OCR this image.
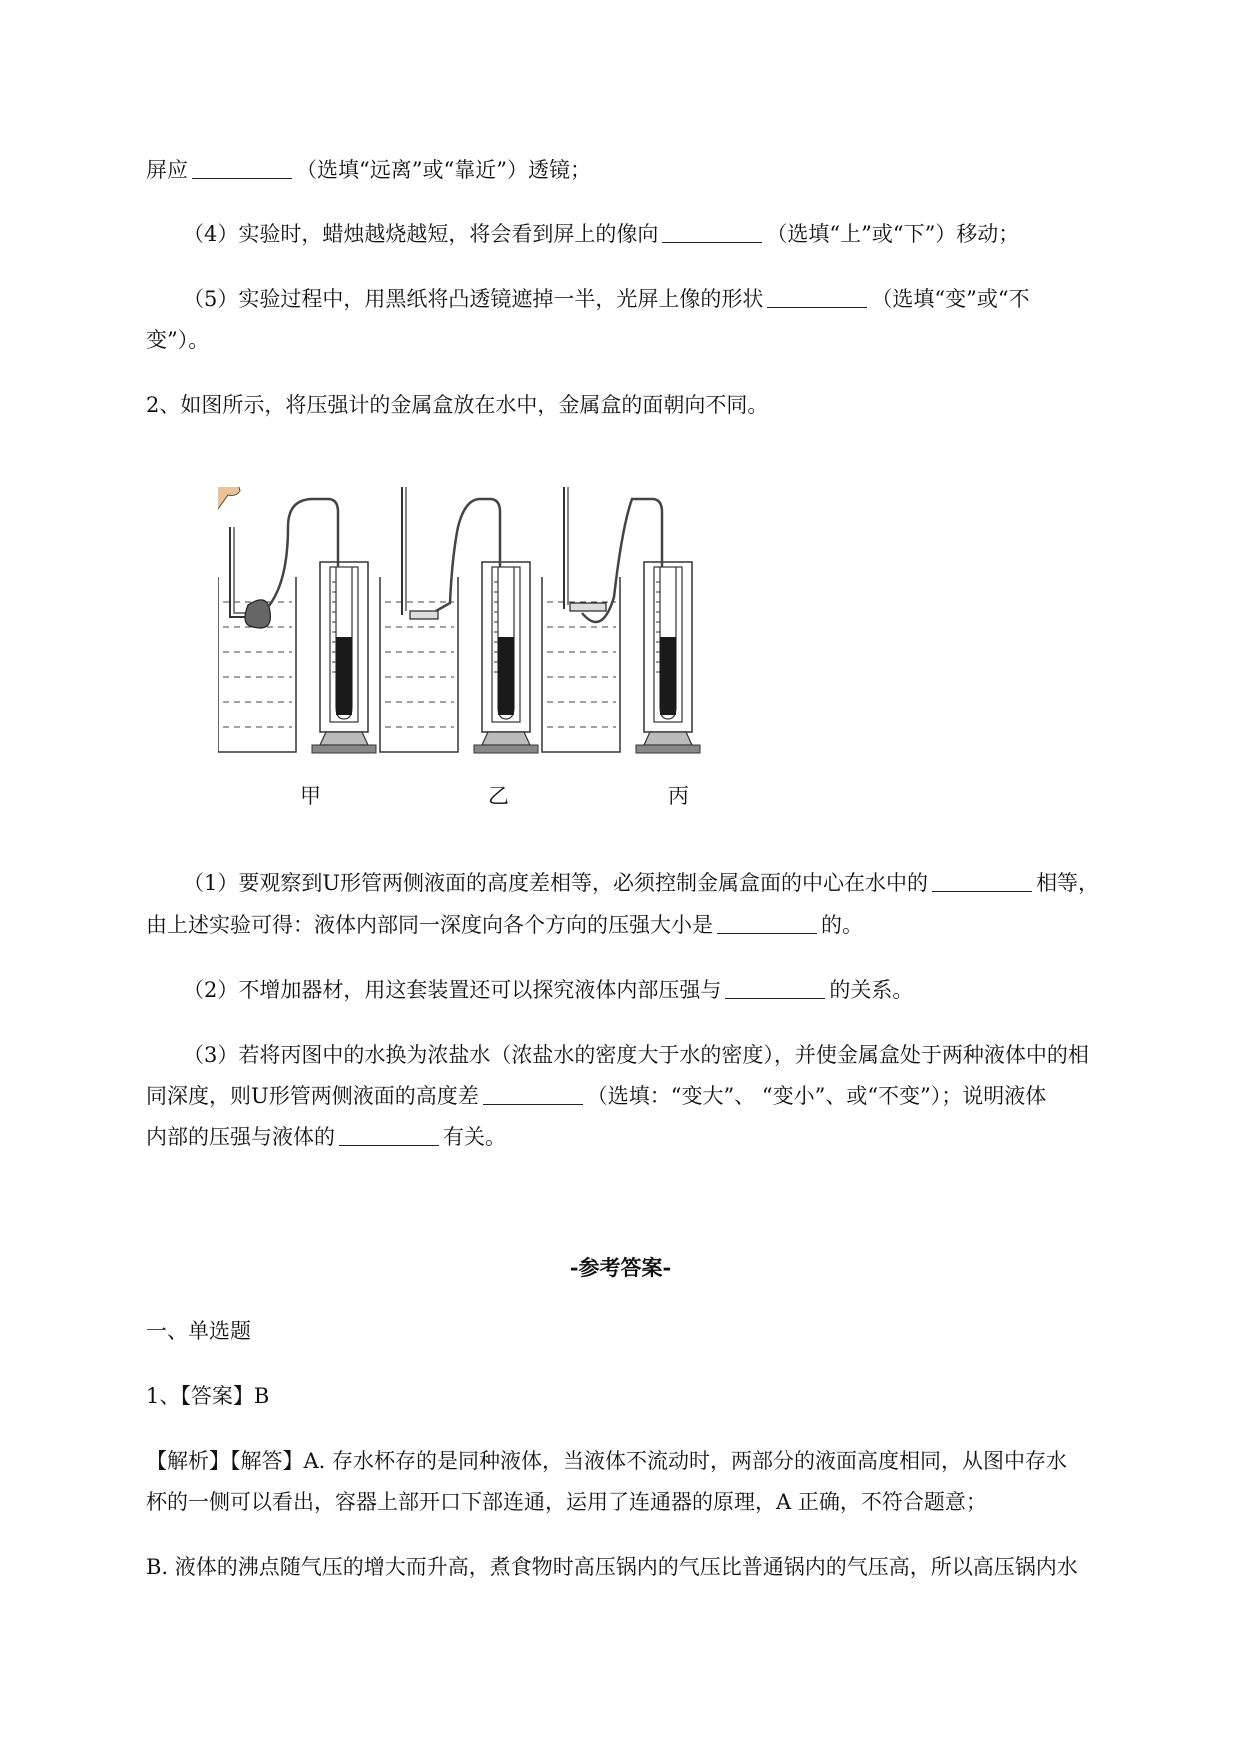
屏应	（选填“远离”或“靠近”）透镜；
（4）实验时，蜡烛越烧越短，将会看到屏上的像向	（选填“上”或“下”）移动；
（5）实验过程中，用黑纸将凸透镜遮掉一半，光屏上像的形状	（选填“变”或“不
变”）。
2、如图所示，将压强计的金属盒放在水中，金属盒的面朝向不同。
甲	乙	丙
（1）要观察到U形管两侧液面的高度差相等，必须控制金属盒面的中心在水中的	相等，
由上述实验可得：液体内部同一深度向各个方向的压强大小是	的。
（2）不增加器材，用这套装置还可以探究液体内部压强与	的关系。
（3）若将丙图中的水换为浓盐水（浓盐水的密度大于水的密度），并使金属盒处于两种液体中的相
同深度，则U形管两侧液面的高度差	（选填：“变大”、 “变小”、或“不变”）；说明液体
内部的压强与液体的	有关。
-参考答案-
一、单选题
1、【答案】B
【解析】【解答】A. 存水杯存的是同种液体，当液体不流动时，两部分的液面高度相同，从图中存水
杯的一侧可以看出，容器上部开口下部连通，运用了连通器的原理，A 正确，不符合题意；
B. 液体的沸点随气压的增大而升高，煮食物时高压锅内的气压比普通锅内的气压高，所以高压锅内水
